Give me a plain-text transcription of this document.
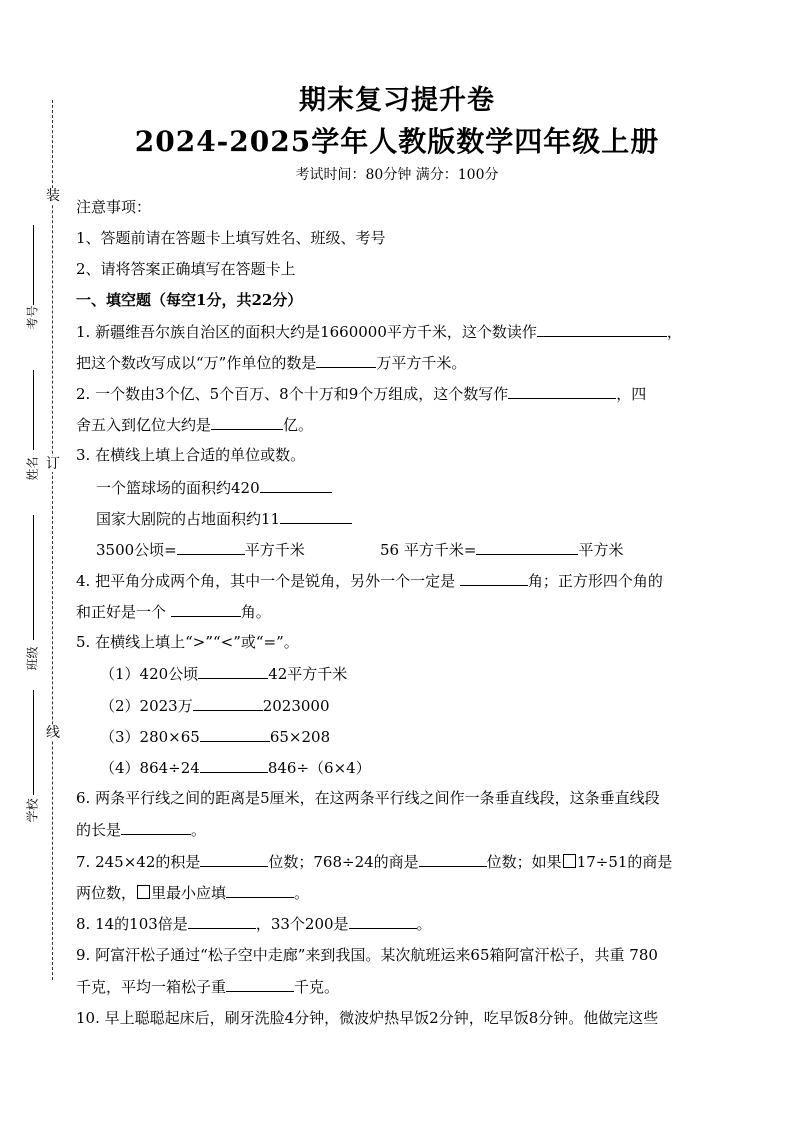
装
订
线
考号
姓名
班级
学校
期末复习提升卷
2024-2025学年人教版数学四年级上册
考试时间：80分钟 满分：100分
注意事项：
1、答题前请在答题卡上填写姓名、班级、考号
2、请将答案正确填写在答题卡上
一、填空题（每空1分，共22分）
1. 新疆维吾尔族自治区的面积大约是1660000平方千米，这个数读作	，
把这个数改写成以“万”作单位的数是	万平方千米。
2. 一个数由3个亿、5个百万、8个十万和9个万组成，这个数写作	，四
舍五入到亿位大约是	亿。
3. 在横线上填上合适的单位或数。
一个篮球场的面积约420
国家大剧院的占地面积约11
3500公顷=	平方千米	56 平方千米=	平方米
4. 把平角分成两个角，其中一个是锐角，另外一个一定是	角；正方形四个角的
和正好是一个	角。
5. 在横线上填上“>”“<”或“=”。
（1）420公顷	42平方千米
（2）2023万	2023000
（3）280×65	65×208
（4）864÷24	846÷（6×4）
6. 两条平行线之间的距离是5厘米，在这两条平行线之间作一条垂直线段，这条垂直线段
的长是	。
7. 245×42的积是	位数；768÷24的商是	位数；如果 17÷51的商是
两位数， 里最小应填	。
8. 14的103倍是	，33个200是	。
9. 阿富汗松子通过“松子空中走廊”来到我国。某次航班运来65箱阿富汗松子，共重 780
千克，平均一箱松子重	千克。
10. 早上聪聪起床后，刷牙洗脸4分钟，微波炉热早饭2分钟，吃早饭8分钟。他做完这些
